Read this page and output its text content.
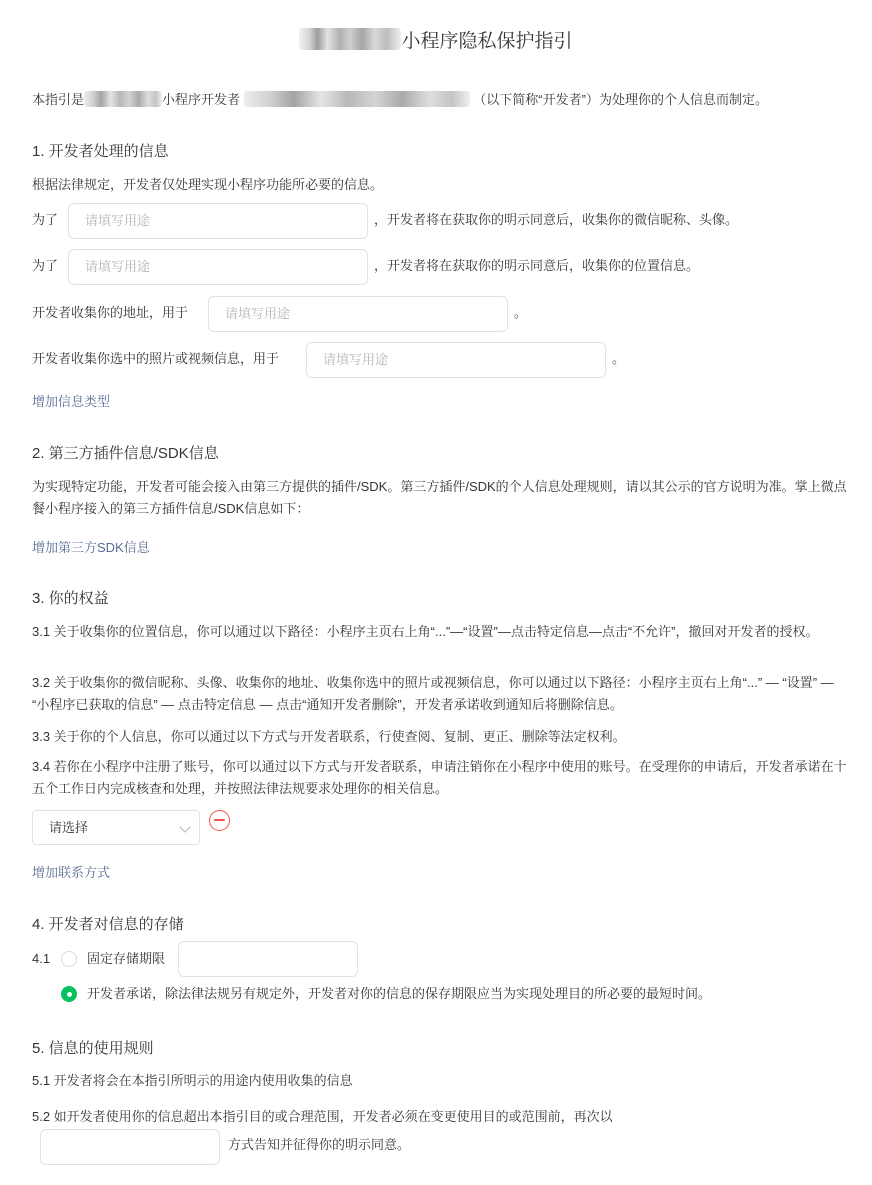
小程序隐私保护指引
本指引是	小程序开发者	（以下简称“开发者”）为处理你的个人信息而制定。
1. 开发者处理的信息
根据法律规定，开发者仅处理实现小程序功能所必要的信息。
为了	请填写用途	，开发者将在获取你的明示同意后，收集你的微信昵称、头像。
为了	请填写用途	，开发者将在获取你的明示同意后，收集你的位置信息。
开发者收集你的地址，用于	请填写用途	。
开发者收集你选中的照片或视频信息，用于	请填写用途	。
增加信息类型
2. 第三方插件信息/SDK信息
为实现特定功能，开发者可能会接入由第三方提供的插件/SDK。第三方插件/SDK的个人信息处理规则，请以其公示的官方说明为准。掌上微点餐小程序接入的第三方插件信息/SDK信息如下：
增加第三方SDK信息
3. 你的权益
3.1 关于收集你的位置信息，你可以通过以下路径：小程序主页右上角“...”—“设置”—点击特定信息—点击“不允许”，撤回对开发者的授权。
3.2 关于收集你的微信昵称、头像、收集你的地址、收集你选中的照片或视频信息，你可以通过以下路径：小程序主页右上角“...” — “设置” — “小程序已获取的信息” — 点击特定信息 — 点击“通知开发者删除”，开发者承诺收到通知后将删除信息。
3.3 关于你的个人信息，你可以通过以下方式与开发者联系，行使查阅、复制、更正、删除等法定权利。
3.4 若你在小程序中注册了账号，你可以通过以下方式与开发者联系，申请注销你在小程序中使用的账号。在受理你的申请后，开发者承诺在十五个工作日内完成核查和处理，并按照法律法规要求处理你的相关信息。
请选择
增加联系方式
4. 开发者对信息的存储
4.1	固定存储期限
开发者承诺，除法律法规另有规定外，开发者对你的信息的保存期限应当为实现处理目的所必要的最短时间。
5. 信息的使用规则
5.1 开发者将会在本指引所明示的用途内使用收集的信息
5.2 如开发者使用你的信息超出本指引目的或合理范围，开发者必须在变更使用目的或范围前，再次以
方式告知并征得你的明示同意。
